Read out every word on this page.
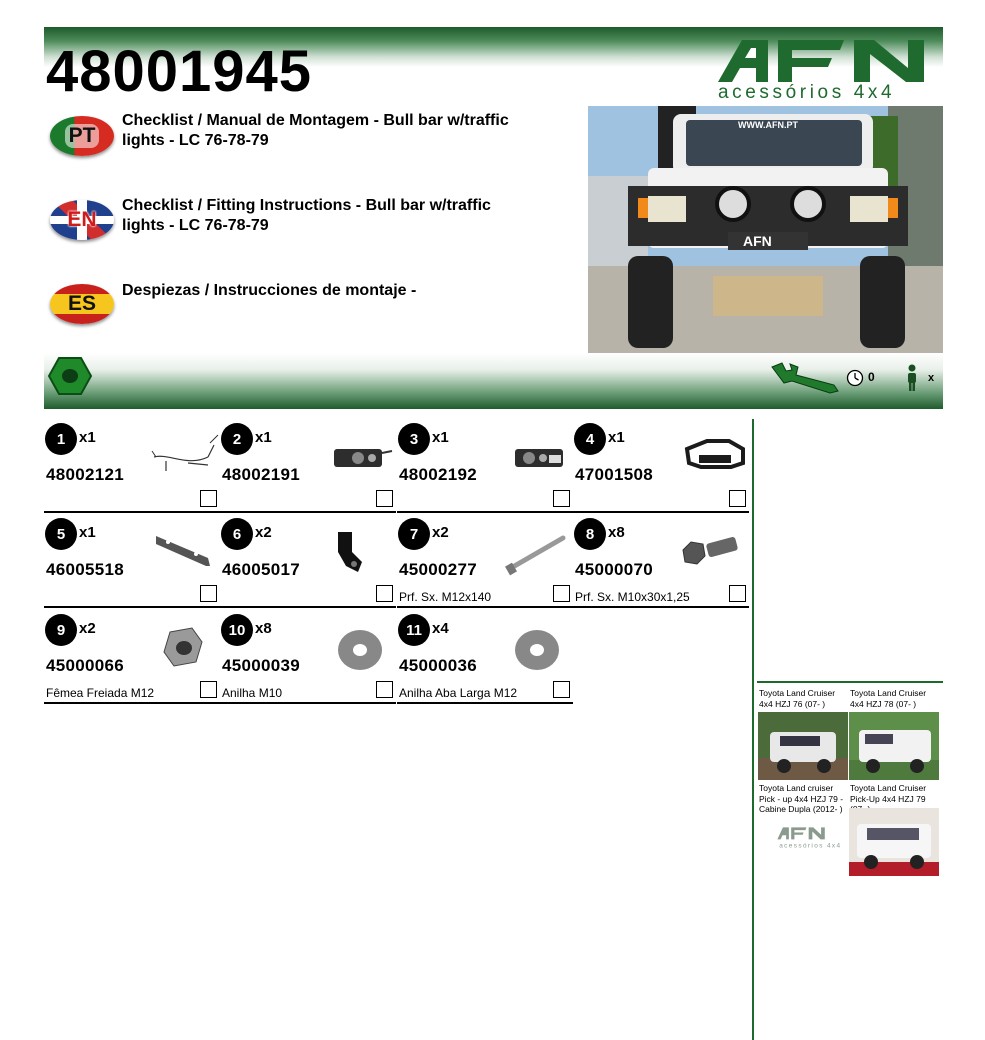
48001945	acessórios 4x4
PT
Checklist / Manual de Montagem - Bull bar w/traffic lights - LC 76-78-79
EN
Checklist / Fitting Instructions - Bull bar w/traffic lights - LC 76-78-79
ES
Despiezas / Instrucciones de montaje -
WWW.AFN.PT
AFN
0	x
1 x1
48002121
2 x1
48002191
3 x1
48002192
4 x1
47001508
5 x1
46005518
6 x2
46005017
7 x2
45000277
Prf. Sx. M12x140
8 x8
45000070
Prf. Sx. M10x30x1,25
9 x2
45000066
Fêmea Freiada M12
10 x8
45000039
Anilha M10
11 x4
45000036
Anilha Aba Larga M12	Toyota Land Cruiser 4x4 HZJ 76 (07- )
Toyota Land Cruiser 4x4 HZJ 78 (07- )
Toyota Land cruiser Pick - up 4x4 HZJ 79 - Cabine Dupla (2012- )
Toyota Land Cruiser Pick-Up 4x4 HZJ 79
acessórios 4x4
